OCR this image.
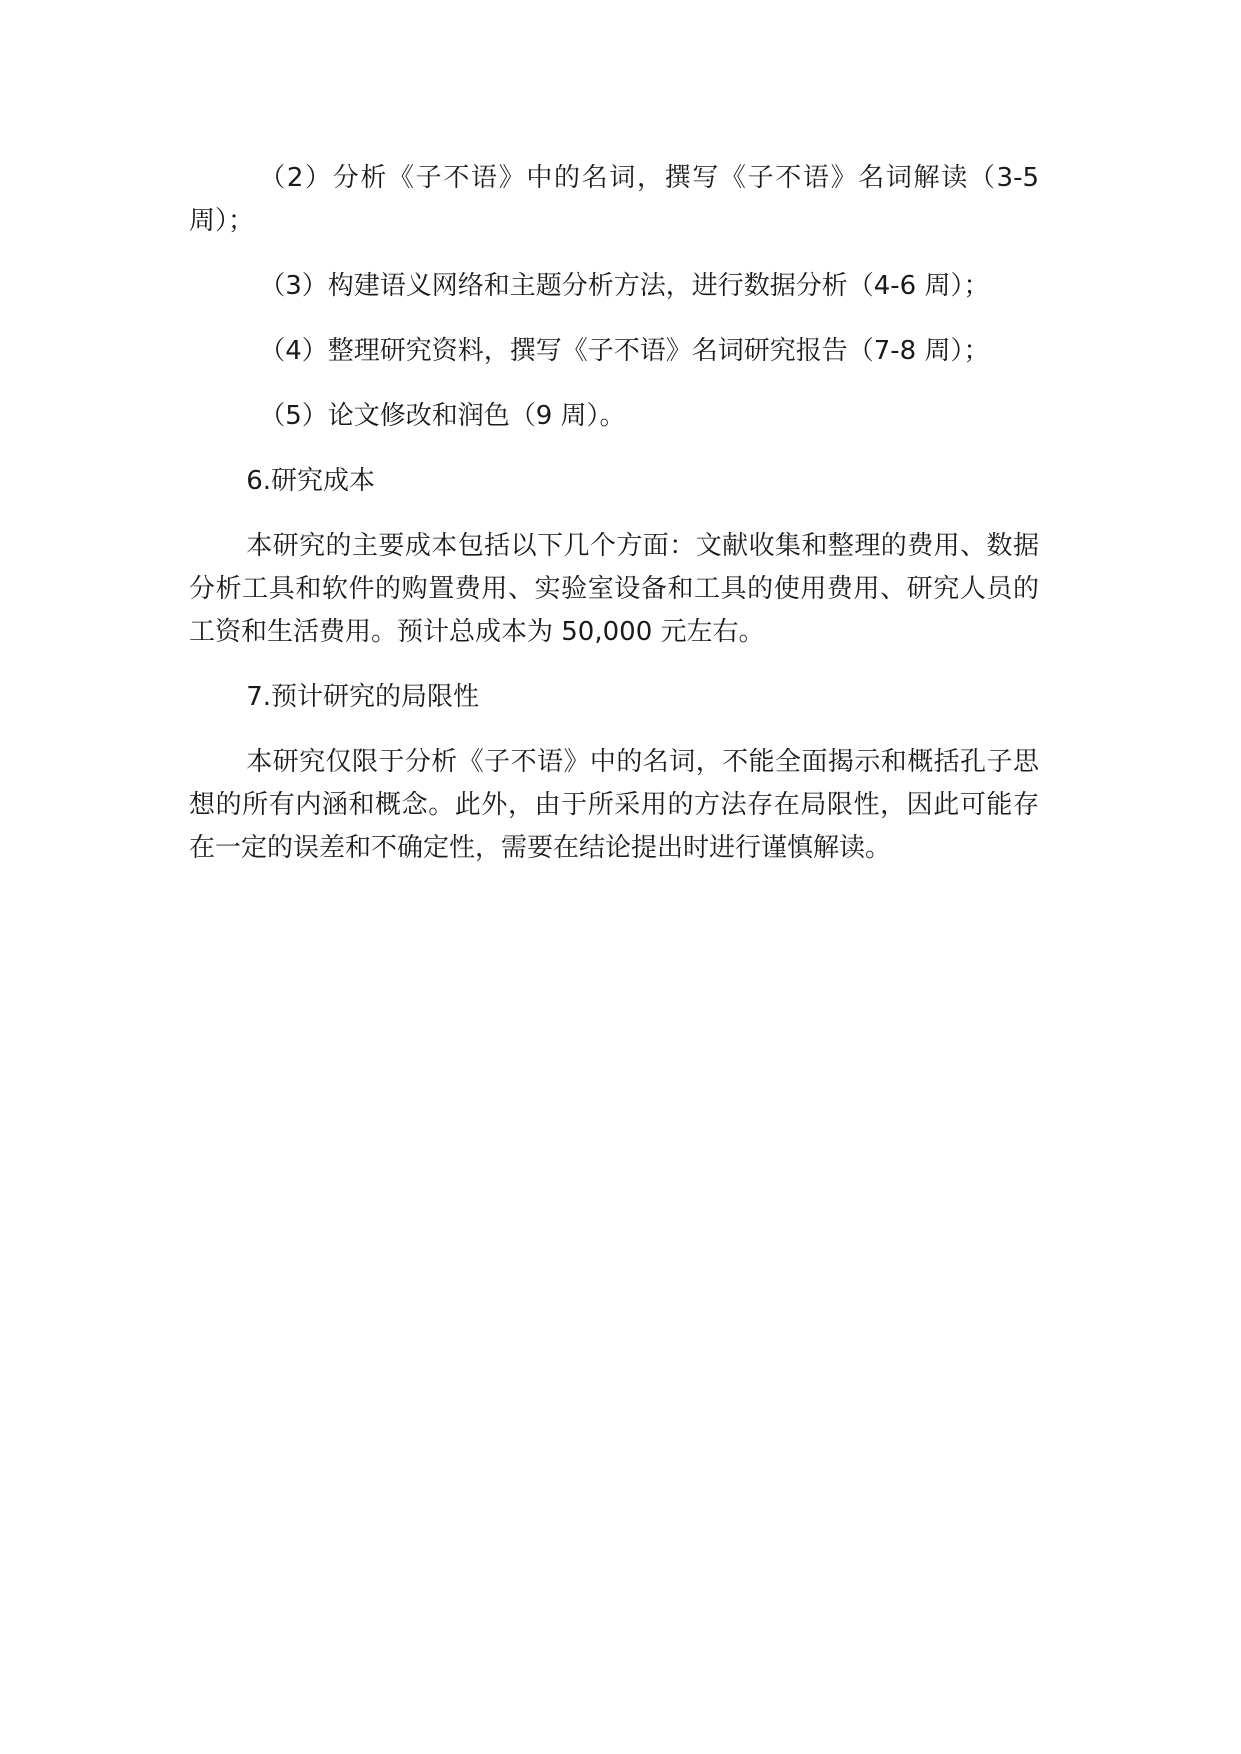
（2）分析《子不语》中的名词，撰写《子不语》名词解读（3-5周）；

（3）构建语义网络和主题分析方法，进行数据分析（4-6 周）；

（4）整理研究资料，撰写《子不语》名词研究报告（7-8 周）；

（5）论文修改和润色（9 周）。

6.研究成本

本研究的主要成本包括以下几个方面：文献收集和整理的费用、数据分析工具和软件的购置费用、实验室设备和工具的使用费用、研究人员的工资和生活费用。预计总成本为 50,000 元左右。

7.预计研究的局限性

本研究仅限于分析《子不语》中的名词，不能全面揭示和概括孔子思想的所有内涵和概念。此外，由于所采用的方法存在局限性，因此可能存在一定的误差和不确定性，需要在结论提出时进行谨慎解读。
